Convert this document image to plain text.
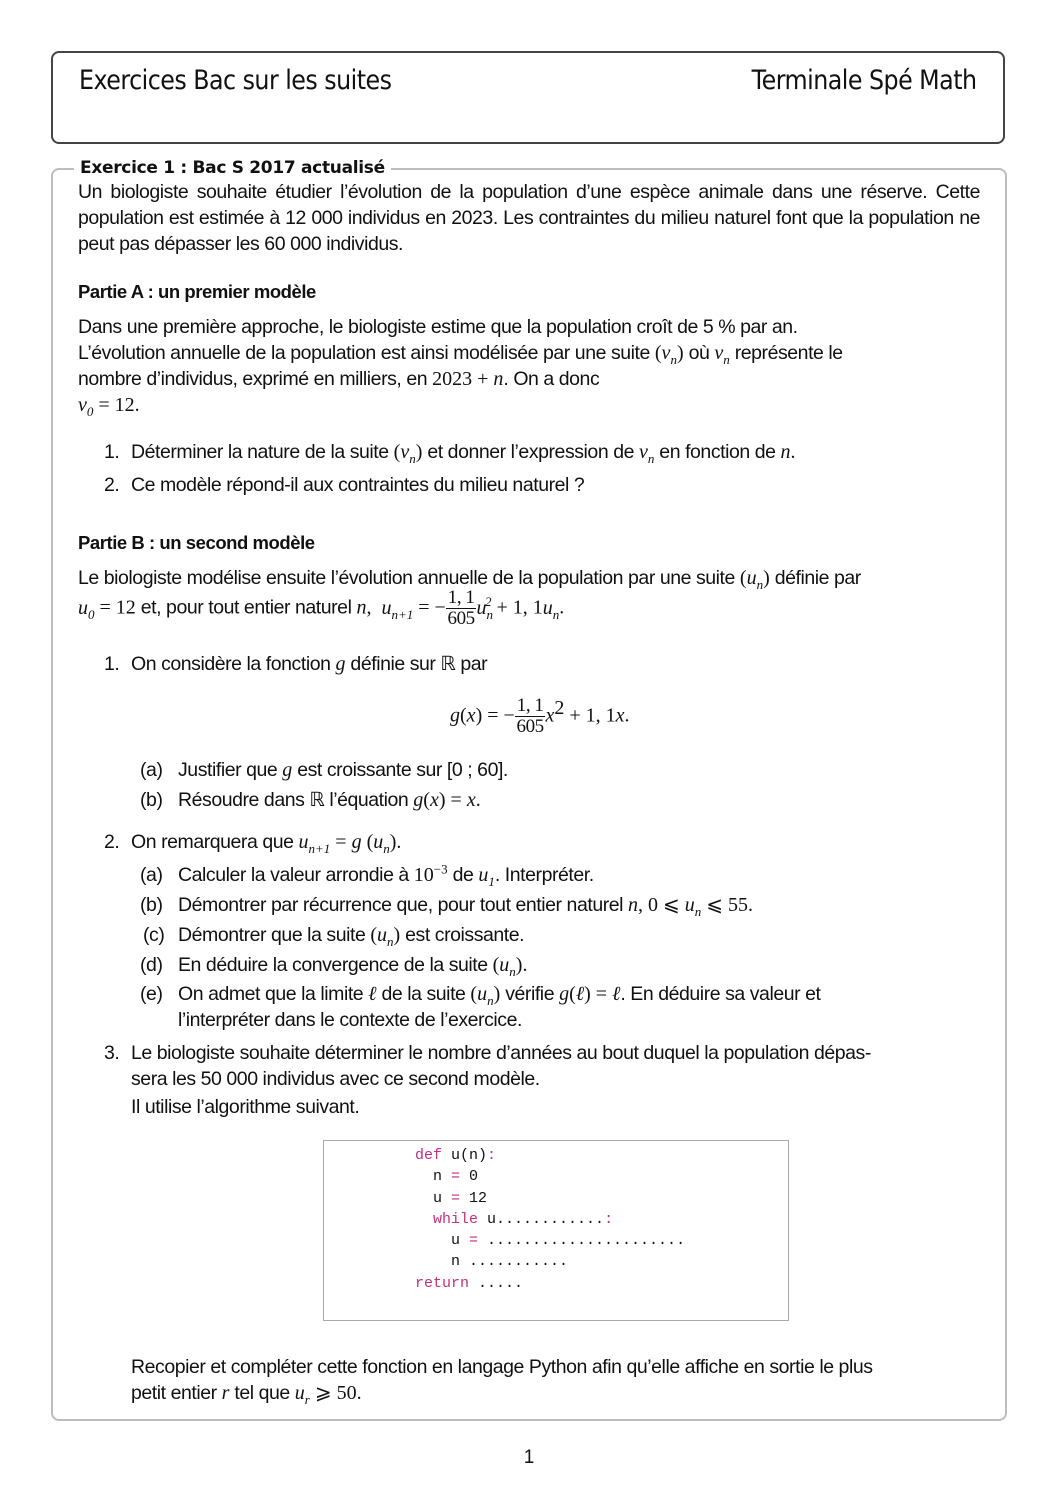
Exercices Bac sur les suites	Terminale Spé Math
Exercice 1 : Bac S 2017 actualisé
Un biologiste souhaite étudier l’évolution de la population d’une espèce animale dans une réserve. Cette population est estimée à 12 000 individus en 2023. Les contraintes du milieu naturel font que la population ne peut pas dépasser les 60 000 individus.
Partie A : un premier modèle
Dans une première approche, le biologiste estime que la population croît de 5 % par an.
L’évolution annuelle de la population est ainsi modélisée par une suite $(v_n)$ où $v_n$ représente le
nombre d’individus, exprimé en milliers, en 2023 + n. On a donc
$v_0 = 12$.
1. Déterminer la nature de la suite $(v_n)$ et donner l’expression de $v_n$ en fonction de n.
2. Ce modèle répond-il aux contraintes du milieu naturel ?
Partie B : un second modèle
Le biologiste modélise ensuite l’évolution annuelle de la population par une suite $(u_n)$ définie par
$u_0 = 12$ et, pour tout entier naturel n,  $u_{n+1}$ = − $\frac{1, 1}{605} u_n^2 + 1$, $1u_n$.
1. On considère la fonction g définie sur ℝ par
g(x) = − $\frac{1, 1}{605} x^2 + 1$, 1x.
(a) Justifier que g est croissante sur [0 ; 60].
(b) Résoudre dans ℝ l’équation g(x) = x.
2. On remarquera que $u_{n+1} = g$ $(u_n)$.
(a) Calculer la valeur arrondie à $10^{-3}$ de $u_1$. Interpréter.
(b) Démontrer par récurrence que, pour tout entier naturel n, 0 ⩽ $u_n$ ⩽ 55.
(c) Démontrer que la suite $(u_n)$ est croissante.
(d) En déduire la convergence de la suite $(u_n)$.
(e) On admet que la limite ℓ de la suite $(u_n)$ vérifie g(ℓ) = ℓ. En déduire sa valeur et
l’interpréter dans le contexte de l’exercice.
3. Le biologiste souhaite déterminer le nombre d’années au bout duquel la population dépas-
sera les 50 000 individus avec ce second modèle.
Il utilise l’algorithme suivant.
def u(n):
n = 0
u = 12
while u............:
u = ......................
n ...........
return .....
Recopier et compléter cette fonction en langage Python afin qu’elle affiche en sortie le plus
petit entier r tel que $u_r$ ⩾ 50.
1
